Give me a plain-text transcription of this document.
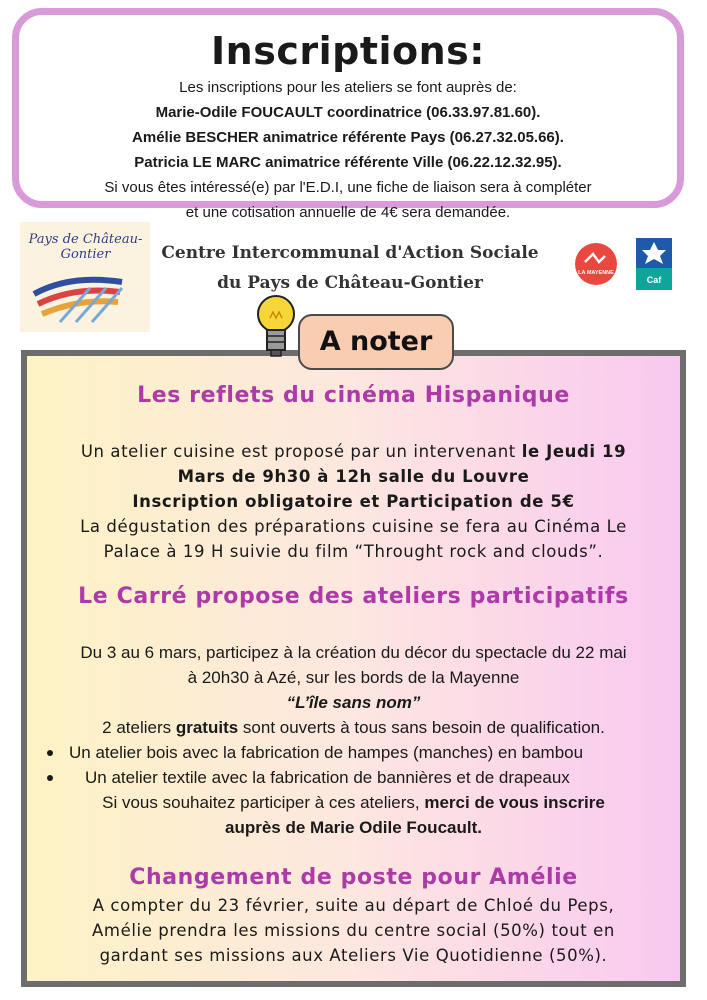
Inscriptions:

Les inscriptions pour les ateliers se font auprès de:

Marie-Odile FOUCAULT coordinatrice (06.33.97.81.60).

Amélie BESCHER animatrice référente Pays (06.27.32.05.66).

Patricia LE MARC animatrice référente Ville (06.22.12.32.95).

Si vous êtes intéressé(e) par l'E.D.I, une fiche de liaison sera à compléter

et une cotisation annuelle de 4€ sera demandée.

Pays de Château-Gontier	Centre Intercommunal d'Action Sociale
du Pays de Château-Gontier	LA MAYENNE
Caf
A noter
Les reflets du cinéma Hispanique

Un atelier cuisine est proposé par un intervenant le Jeudi 19

Mars de 9h30 à 12h salle du Louvre

Inscription obligatoire et Participation de 5€

La dégustation des préparations cuisine se fera au Cinéma Le

Palace à 19 H suivie du film “Throught rock and clouds”.

Le Carré propose des ateliers participatifs

Du 3 au 6 mars, participez à la création du décor du spectacle du 22 mai

à 20h30 à Azé, sur les bords de la Mayenne

“L’île sans nom”

2 ateliers gratuits sont ouverts à tous sans besoin de qualification.

Un atelier bois avec la fabrication de hampes (manches) en bambou
Un atelier textile avec la fabrication de bannières et de drapeaux

Si vous souhaitez participer à ces ateliers, merci de vous inscrire

auprès de Marie Odile Foucault.

Changement de poste pour Amélie

A compter du 23 février, suite au départ de Chloé du Peps,

Amélie prendra les missions du centre social (50%) tout en

gardant ses missions aux Ateliers Vie Quotidienne (50%).
